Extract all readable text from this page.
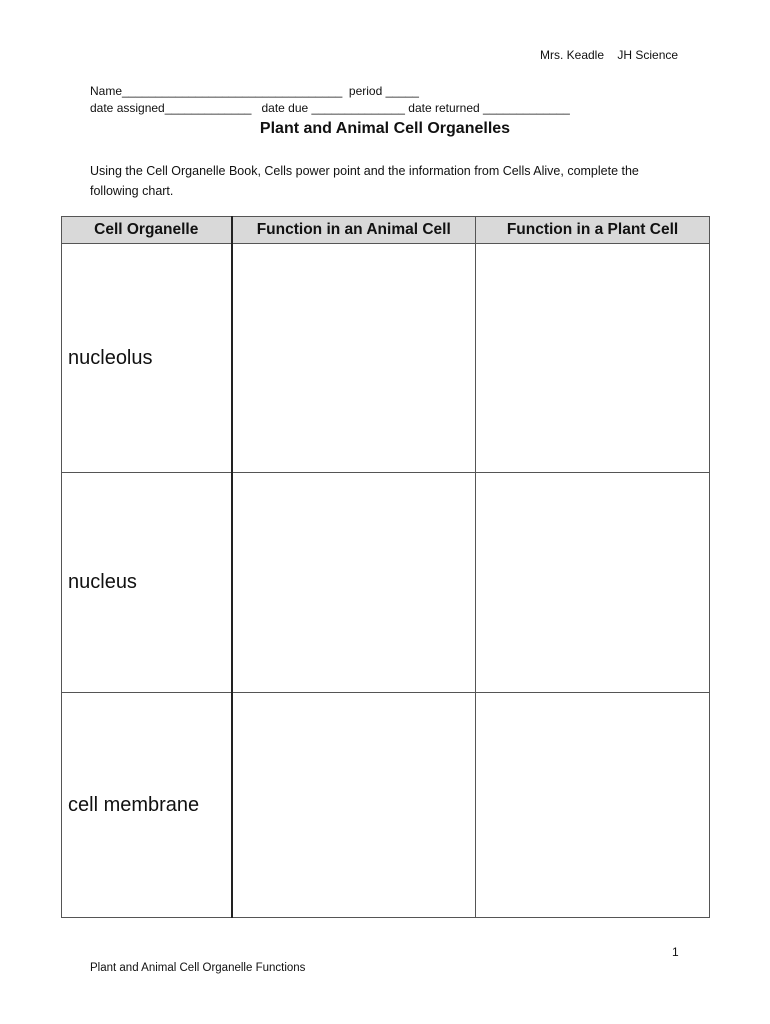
Mrs. Keadle JH Science
Name_________________________________  period _____
date assigned_____________   date due ______________ date returned _____________
Plant and Animal Cell Organelles
Using the Cell Organelle Book, Cells power point and the information from Cells Alive, complete the following chart.
Cell Organelle	Function in an Animal Cell	Function in a Plant Cell
nucleolus		
nucleus		
cell membrane		
1
Plant and Animal Cell Organelle Functions
